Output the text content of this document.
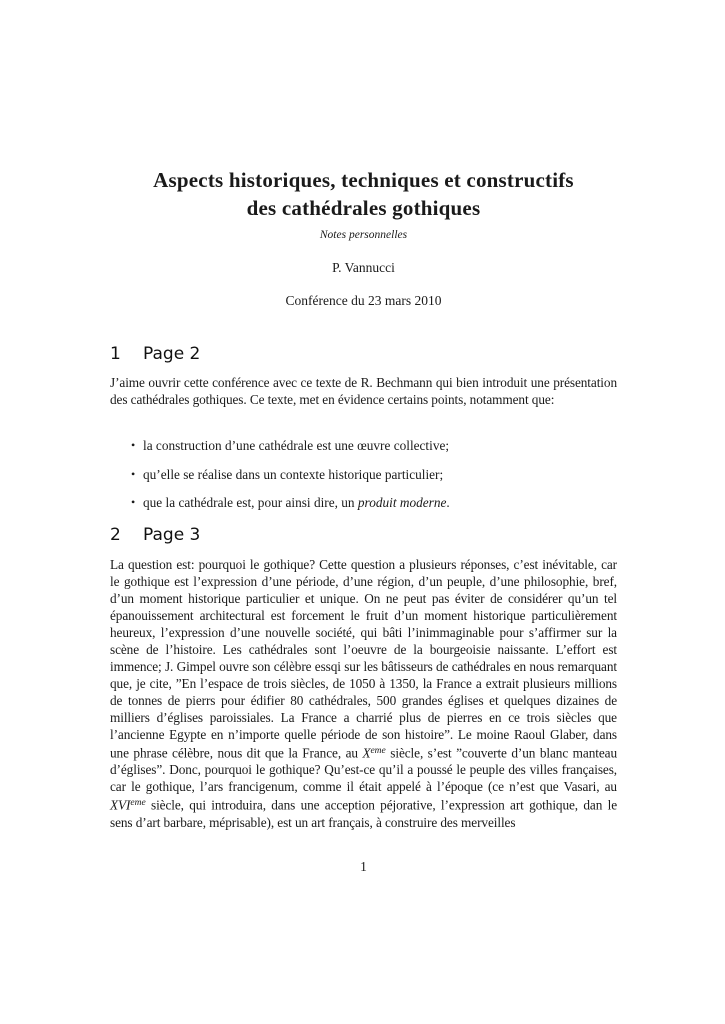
Aspects historiques, techniques et constructifs
des cathédrales gothiques
Notes personnelles
P. Vannucci
Conférence du 23 mars 2010
1 Page 2

J’aime ouvrir cette conférence avec ce texte de R. Bechmann qui bien introduit une présentation des cathédrales gothiques. Ce texte, met en évidence certains points, notamment que:

• la construction d’une cathédrale est une œuvre collective;
• qu’elle se réalise dans un contexte historique particulier;
• que la cathédrale est, pour ainsi dire, un produit moderne.
2 Page 3

La question est: pourquoi le gothique? Cette question a plusieurs réponses, c’est inévitable, car le gothique est l’expression d’une période, d’une région, d’un peuple, d’une philosophie, bref, d’un moment historique particulier et unique. On ne peut pas éviter de considérer qu’un tel épanouissement architectural est forcement le fruit d’un moment historique particulièrement heureux, l’expression d’une nouvelle société, qui bâti l’inimmaginable pour s’affirmer sur la scène de l’histoire. Les cathédrales sont l’oeuvre de la bourgeoisie naissante. L’effort est immence; J. Gimpel ouvre son célèbre essqi sur les bâtisseurs de cathédrales en nous remarquant que, je cite, ”En l’espace de trois siècles, de 1050 à 1350, la France a extrait plusieurs millions de tonnes de pierrs pour édifier 80 cathédrales, 500 grandes églises et quelques dizaines de milliers d’églises paroissiales. La France a charrié plus de pierres en ce trois siècles que l’ancienne Egypte en n’importe quelle période de son histoire”. Le moine Raoul Glaber, dans une phrase célèbre, nous dit que la France, au Xeme siècle, s’est ”couverte d’un blanc manteau d’églises”. Donc, pourquoi le gothique? Qu’est-ce qu’il a poussé le peuple des villes françaises, car le gothique, l’ars francigenum, comme il était appelé à l’époque (ce n’est que Vasari, au XVIeme siècle, qui introduira, dans une acception péjorative, l’expression art gothique, dan le sens d’art barbare, méprisable), est un art français, à construire des merveilles

1
